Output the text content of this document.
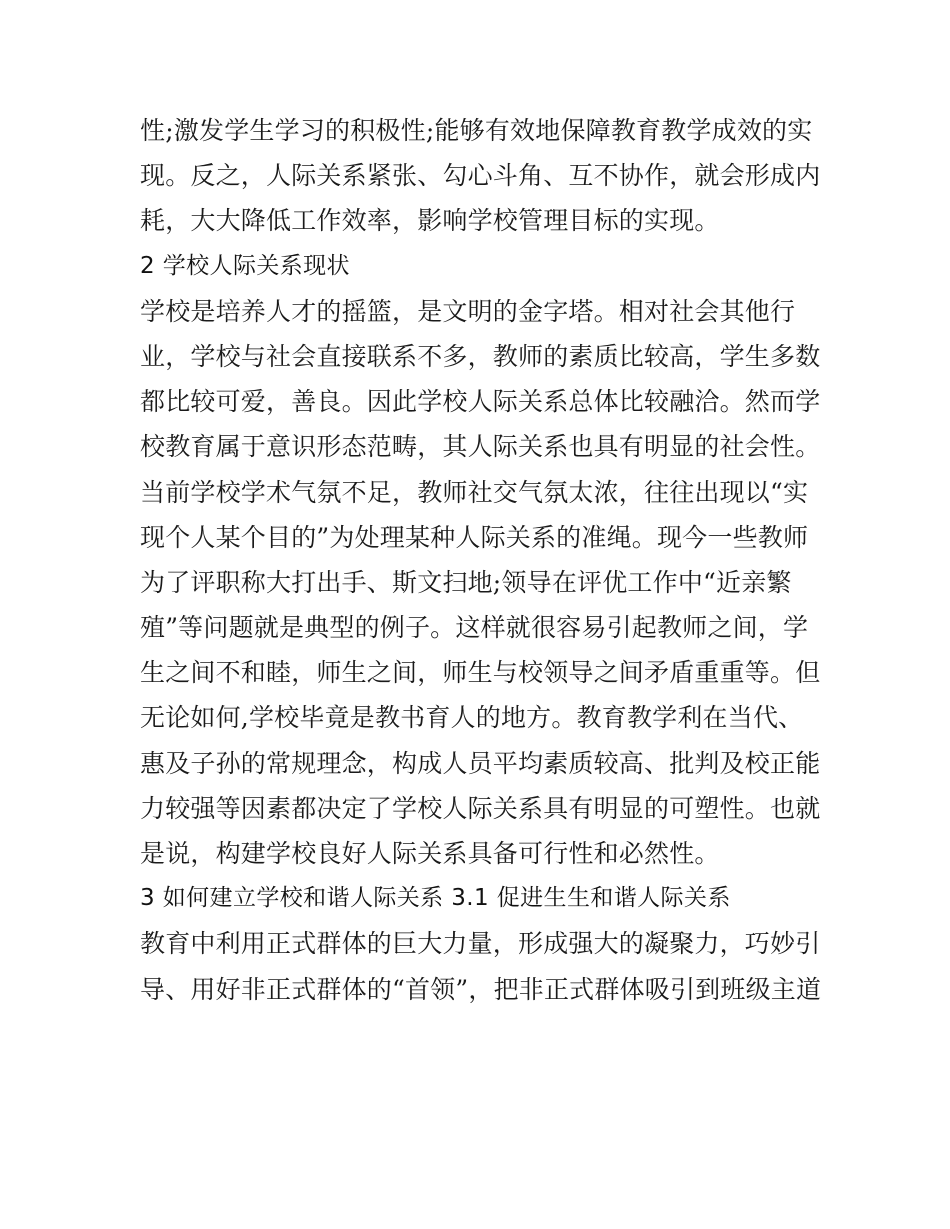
性;激发学生学习的积极性;能够有效地保障教育教学成效的实
现。反之，人际关系紧张、勾心斗角、互不协作，就会形成内
耗，大大降低工作效率，影响学校管理目标的实现。
2 学校人际关系现状
学校是培养人才的摇篮，是文明的金字塔。相对社会其他行
业，学校与社会直接联系不多，教师的素质比较高，学生多数
都比较可爱，善良。因此学校人际关系总体比较融洽。然而学
校教育属于意识形态范畴，其人际关系也具有明显的社会性。
当前学校学术气氛不足，教师社交气氛太浓，往往出现以“实
现个人某个目的”为处理某种人际关系的准绳。现今一些教师
为了评职称大打出手、斯文扫地;领导在评优工作中“近亲繁
殖”等问题就是典型的例子。这样就很容易引起教师之间，学
生之间不和睦，师生之间，师生与校领导之间矛盾重重等。但
无论如何,学校毕竟是教书育人的地方。教育教学利在当代、
惠及子孙的常规理念，构成人员平均素质较高、批判及校正能
力较强等因素都决定了学校人际关系具有明显的可塑性。也就
是说，构建学校良好人际关系具备可行性和必然性。
3 如何建立学校和谐人际关系 3.1 促进生生和谐人际关系
教育中利用正式群体的巨大力量，形成强大的凝聚力，巧妙引
导、用好非正式群体的“首领”，把非正式群体吸引到班级主道
